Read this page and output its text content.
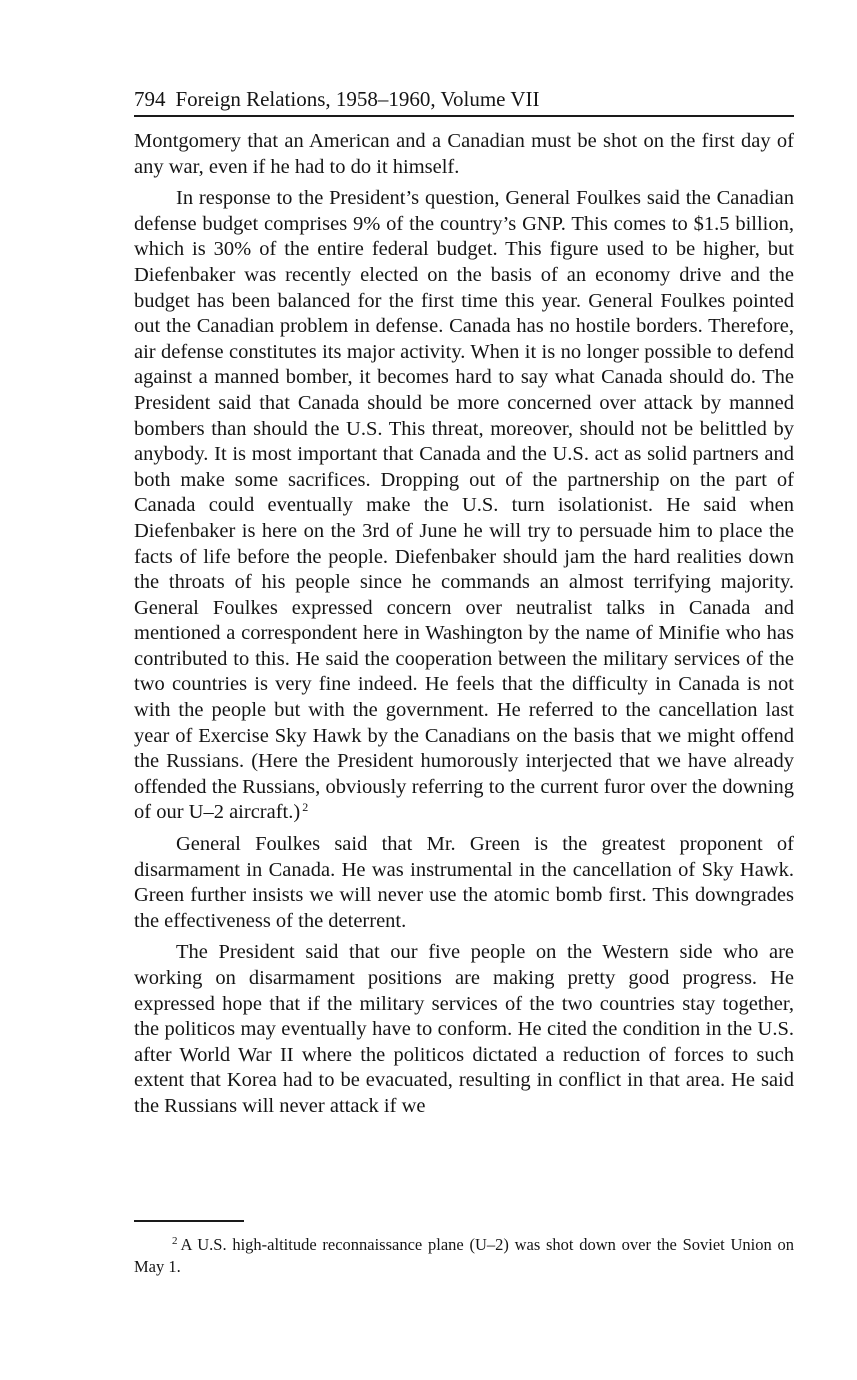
794 Foreign Relations, 1958–1960, Volume VII

Montgomery that an American and a Canadian must be shot on the first day of any war, even if he had to do it himself.

In response to the President’s question, General Foulkes said the Canadian defense budget comprises 9% of the country’s GNP. This comes to $1.5 billion, which is 30% of the entire federal budget. This figure used to be higher, but Diefenbaker was recently elected on the basis of an economy drive and the budget has been balanced for the first time this year. General Foulkes pointed out the Canadian problem in defense. Canada has no hostile borders. Therefore, air defense constitutes its major activity. When it is no longer possible to defend against a manned bomber, it becomes hard to say what Canada should do. The President said that Canada should be more concerned over attack by manned bombers than should the U.S. This threat, moreover, should not be belittled by anybody. It is most important that Canada and the U.S. act as solid partners and both make some sacrifices. Dropping out of the partnership on the part of Canada could eventually make the U.S. turn isolationist. He said when Diefenbaker is here on the 3rd of June he will try to persuade him to place the facts of life before the people. Diefenbaker should jam the hard realities down the throats of his people since he commands an almost terrifying majority. General Foulkes expressed concern over neutralist talks in Canada and mentioned a correspondent here in Washington by the name of Minifie who has contributed to this. He said the cooperation between the military services of the two countries is very fine indeed. He feels that the difficulty in Canada is not with the people but with the government. He referred to the cancellation last year of Exercise Sky Hawk by the Canadians on the basis that we might offend the Russians. (Here the President humorously interjected that we have already offended the Russians, obviously referring to the current furor over the downing of our U–2 aircraft.) $^2$

General Foulkes said that Mr. Green is the greatest proponent of disarmament in Canada. He was instrumental in the cancellation of Sky Hawk. Green further insists we will never use the atomic bomb first. This downgrades the effectiveness of the deterrent.

The President said that our five people on the Western side who are working on disarmament positions are making pretty good progress. He expressed hope that if the military services of the two countries stay together, the politicos may eventually have to conform. He cited the condition in the U.S. after World War II where the politicos dictated a reduction of forces to such extent that Korea had to be evacuated, resulting in conflict in that area. He said the Russians will never attack if we

$^2$ A U.S. high-altitude reconnaissance plane (U–2) was shot down over the Soviet Union on May 1.
